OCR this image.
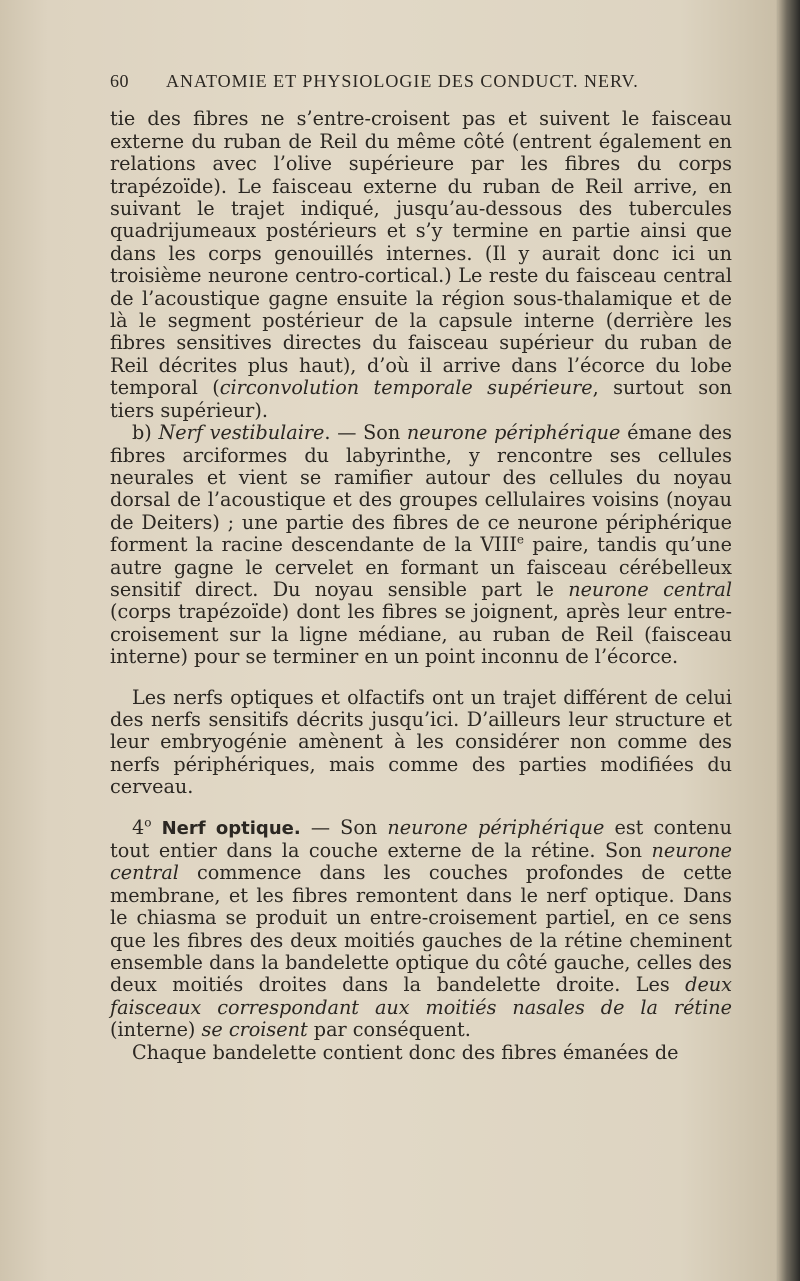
60	ANATOMIE ET PHYSIOLOGIE DES CONDUCT. NERV.

tie des fibres ne s’entre-croisent pas et suivent le faisceau externe du ruban de Reil du même côté (entrent également en relations avec l’olive supérieure par les fibres du corps trapézoïde). Le faisceau externe du ruban de Reil arrive, en suivant le trajet indiqué, jusqu’au-dessous des tubercules quadrijumeaux postérieurs et s’y termine en partie ainsi que dans les corps genouillés internes. (Il y aurait donc ici un troisième neurone centro-cortical.) Le reste du faisceau central de l’acoustique gagne ensuite la région sous-thalamique et de là le segment postérieur de la capsule interne (derrière les fibres sensitives directes du faisceau supérieur du ruban de Reil décrites plus haut), d’où il arrive dans l’écorce du lobe temporal (circonvolution temporale supérieure, surtout son tiers supérieur).

b) Nerf vestibulaire. — Son neurone périphérique émane des fibres arciformes du labyrinthe, y rencontre ses cellules neurales et vient se ramifier autour des cellules du noyau dorsal de l’acoustique et des groupes cellulaires voisins (noyau de Deiters) ; une partie des fibres de ce neurone périphérique forment la racine descendante de la VIIIe paire, tandis qu’une autre gagne le cervelet en formant un faisceau cérébelleux sensitif direct. Du noyau sensible part le neurone central (corps trapézoïde) dont les fibres se joignent, après leur entre-croisement sur la ligne médiane, au ruban de Reil (faisceau interne) pour se terminer en un point inconnu de l’écorce.

Les nerfs optiques et olfactifs ont un trajet différent de celui des nerfs sensitifs décrits jusqu’ici. D’ailleurs leur structure et leur embryogénie amènent à les considérer non comme des nerfs périphériques, mais comme des parties modifiées du cerveau.

4$^o$ Nerf optique. — Son neurone périphérique est contenu tout entier dans la couche externe de la rétine. Son neurone central commence dans les couches profondes de cette membrane, et les fibres remontent dans le nerf optique. Dans le chiasma se produit un entre-croisement partiel, en ce sens que les fibres des deux moitiés gauches de la rétine cheminent ensemble dans la bandelette optique du côté gauche, celles des deux moitiés droites dans la bandelette droite. Les deux faisceaux correspondant aux moitiés nasales de la rétine (interne) se croisent par conséquent.

Chaque bandelette contient donc des fibres émanées de
